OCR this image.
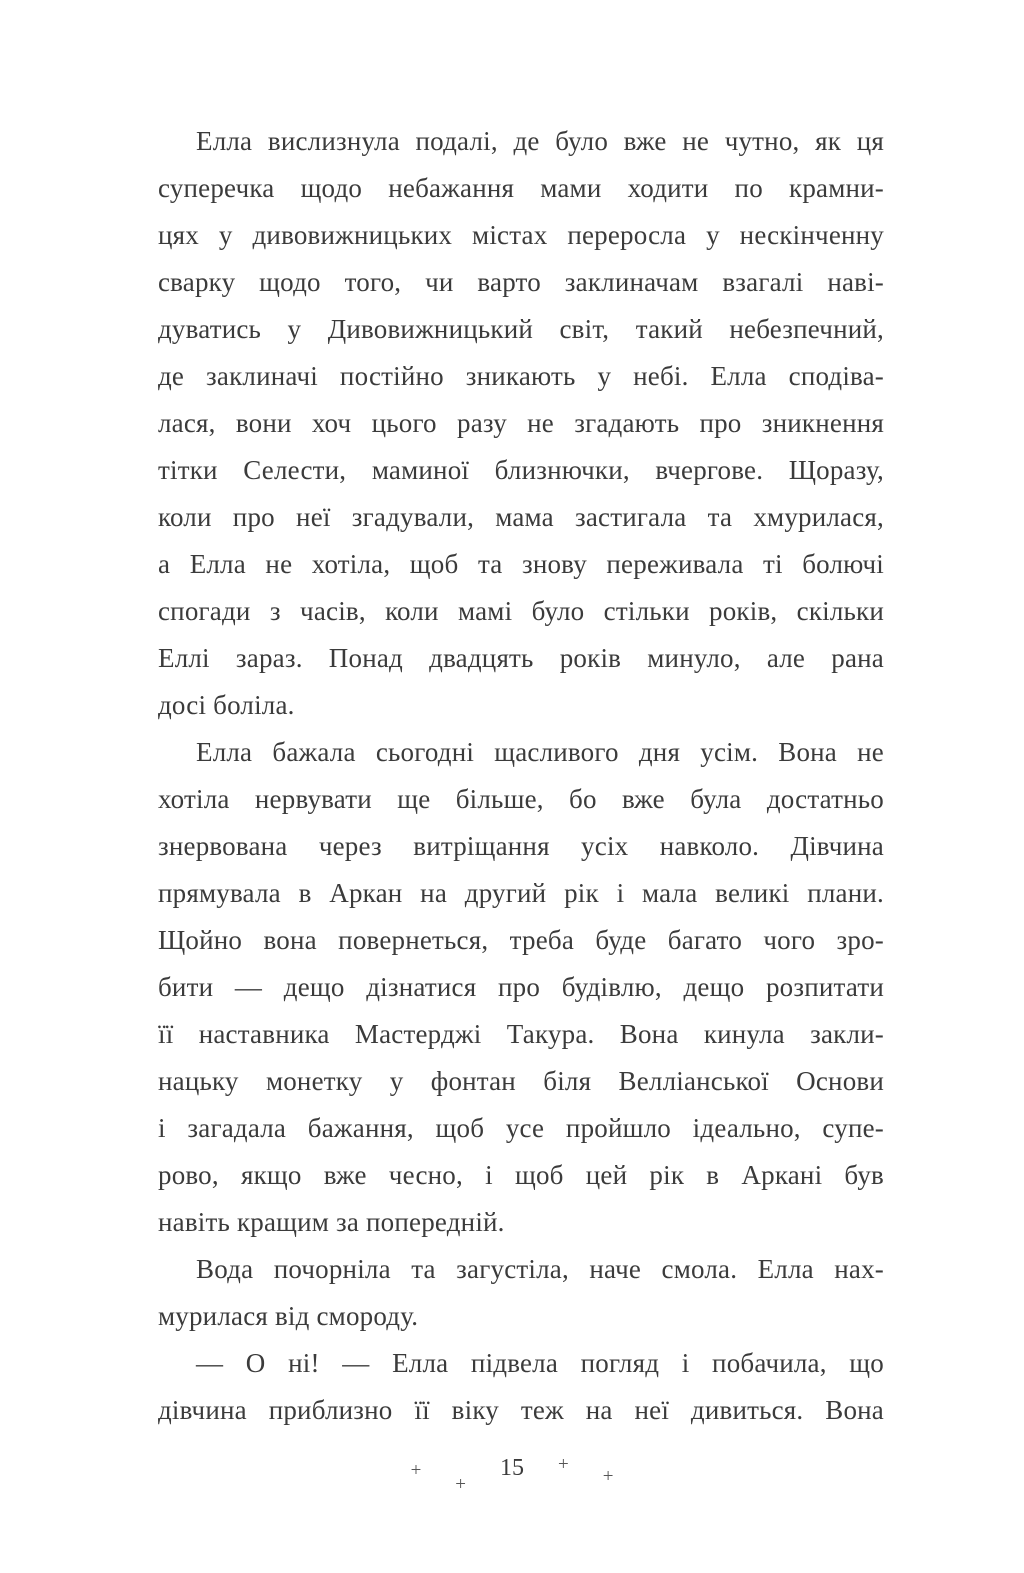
Елла вислизнула подалі, де було вже не чутно, як ця
суперечка щодо небажання мами ходити по крамни-
цях у дивовижницьких містах переросла у нескінченну
сварку щодо того, чи варто заклиначам взагалі наві-
дуватись у Дивовижницький світ, такий небезпечний,
де заклиначі постійно зникають у небі. Елла сподіва-
лася, вони хоч цього разу не згадають про зникнення
тітки Селести, маминої близнючки, вчергове. Щоразу,
коли про неї згадували, мама застигала та хмурилася,
а Елла не хотіла, щоб та знову переживала ті болючі
спогади з часів, коли мамі було стільки років, скільки
Еллі зараз. Понад двадцять років минуло, але рана
досі боліла.
Елла бажала сьогодні щасливого дня усім. Вона не
хотіла нервувати ще більше, бо вже була достатньо
знервована через витріщання усіх навколо. Дівчина
прямувала в Аркан на другий рік і мала великі плани.
Щойно вона повернеться, треба буде багато чого зро-
бити — дещо дізнатися про будівлю, дещо розпитати
її наставника Мастерджі Такура. Вона кинула закли-
нацьку монетку у фонтан біля Велліанської Основи
і загадала бажання, щоб усе пройшло ідеально, супе-
рово, якщо вже чесно, і щоб цей рік в Аркані був
навіть кращим за попередній.
Вода почорніла та загустіла, наче смола. Елла нах-
мурилася від смороду.
— О ні! — Елла підвела погляд і побачила, що
дівчина приблизно її віку теж на неї дивиться. Вона
+
+
15 +
+
